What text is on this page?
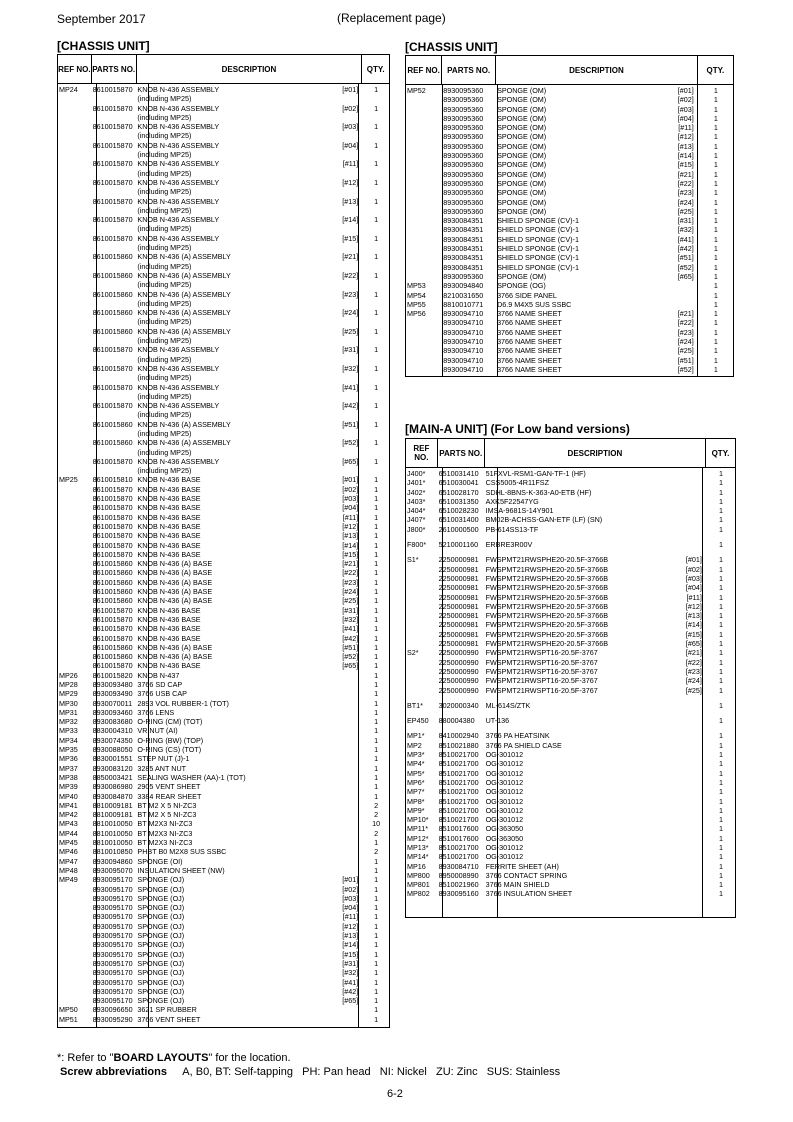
September 2017	(Replacement page)
[CHASSIS UNIT]	[CHASSIS UNIT]
[MAIN-A UNIT] (For Low band versions)
REF NO. PARTS NO.	DESCRIPTION	QTY.
MP24	8610015870 KNOB N-436 ASSEMBLY	[#01]	1
(including MP25)
8610015870 KNOB N-436 ASSEMBLY	[#02]	1
(including MP25)
8610015870 KNOB N-436 ASSEMBLY	[#03]	1
(including MP25)
8610015870 KNOB N-436 ASSEMBLY	[#04]	1
(including MP25)
8610015870 KNOB N-436 ASSEMBLY	[#11]	1
(including MP25)
8610015870 KNOB N-436 ASSEMBLY	[#12]	1
(including MP25)
8610015870 KNOB N-436 ASSEMBLY	[#13]	1
(including MP25)
8610015870 KNOB N-436 ASSEMBLY	[#14]	1
(including MP25)
8610015870 KNOB N-436 ASSEMBLY	[#15]	1
(including MP25)
8610015860 KNOB N-436 (A) ASSEMBLY	[#21]	1
(including MP25)
8610015860 KNOB N-436 (A) ASSEMBLY	[#22]	1
(including MP25)
8610015860 KNOB N-436 (A) ASSEMBLY	[#23]	1
(including MP25)
8610015860 KNOB N-436 (A) ASSEMBLY	[#24]	1
(including MP25)
8610015860 KNOB N-436 (A) ASSEMBLY	[#25]	1
(including MP25)
8610015870 KNOB N-436 ASSEMBLY	[#31]	1
(including MP25)
8610015870 KNOB N-436 ASSEMBLY	[#32]	1
(including MP25)
8610015870 KNOB N-436 ASSEMBLY	[#41]	1
(including MP25)
8610015870 KNOB N-436 ASSEMBLY	[#42]	1
(including MP25)
8610015860 KNOB N-436 (A) ASSEMBLY	[#51]	1
(including MP25)
8610015860 KNOB N-436 (A) ASSEMBLY	[#52]	1
(including MP25)
8610015870 KNOB N-436 ASSEMBLY	[#65]	1
(including MP25)
MP25	8610015810 KNOB N-436 BASE	[#01]	1
8610015870 KNOB N-436 BASE	[#02]	1
8610015870 KNOB N-436 BASE	[#03]	1
8610015870 KNOB N-436 BASE	[#04]	1
8610015870 KNOB N-436 BASE	[#11]	1
8610015870 KNOB N-436 BASE	[#12]	1
8610015870 KNOB N-436 BASE	[#13]	1
8610015870 KNOB N-436 BASE	[#14]	1
8610015870 KNOB N-436 BASE	[#15]	1
8610015860 KNOB N-436 (A) BASE	[#21]	1
8610015860 KNOB N-436 (A) BASE	[#22]	1
8610015860 KNOB N-436 (A) BASE	[#23]	1
8610015860 KNOB N-436 (A) BASE	[#24]	1
8610015860 KNOB N-436 (A) BASE	[#25]	1
8610015870 KNOB N-436 BASE	[#31]	1
8610015870 KNOB N-436 BASE	[#32]	1
8610015870 KNOB N-436 BASE	[#41]	1
8610015870 KNOB N-436 BASE	[#42]	1
8610015860 KNOB N-436 (A) BASE	[#51]	1
8610015860 KNOB N-436 (A) BASE	[#52]	1
8610015870 KNOB N-436 BASE	[#65]	1
MP26	8610015820 KNOB N-437	1
MP28	8930093480 3766 SD CAP	1
MP29	8930093490 3766 USB CAP	1
MP30	8930070011 2893 VOL RUBBER-1 (TOT)	1
MP31	8930093460 3766 LENS	1
MP32	8930083680 O-RING (CM) (TOT)	1
MP33	8830004310 VR NUT (AI)	1
MP34	8930074350 O-RING (BW) (TOP)	1
MP35	8930088050 O-RING (CS) (TOT)	1
MP36	8830001551 STEP NUT (J)-1	1
MP37	8930083120 3285 ANT NUT	1
MP38	8850003421 SEALING WASHER (AA)-1 (TOT)	1
MP39	8930086980 2905 VENT SHEET	1
MP40	8930084870 3384 REAR SHEET	1
MP41	8810009181 BT M2 X 5 NI-ZC3	2
MP42	8810009181 BT M2 X 5 NI-ZC3	2
MP43	8810010050 BT M2X3 NI-ZC3	10
MP44	8810010050 BT M2X3 NI-ZC3	2
MP45	8810010050 BT M2X3 NI-ZC3	1
MP46	8810010850 PHBT B0 M2X8 SUS SSBC	2
MP47	8930094860 SPONGE (OI)	1
MP48	8930095070 INSULATION SHEET (NW)	1
MP49	8930095170 SPONGE (OJ)	[#01]	1
8930095170 SPONGE (OJ)	[#02]	1
8930095170 SPONGE (OJ)	[#03]	1
8930095170 SPONGE (OJ)	[#04]	1
8930095170 SPONGE (OJ)	[#11]	1
8930095170 SPONGE (OJ)	[#12]	1
8930095170 SPONGE (OJ)	[#13]	1
8930095170 SPONGE (OJ)	[#14]	1
8930095170 SPONGE (OJ)	[#15]	1
8930095170 SPONGE (OJ)	[#31]	1
8930095170 SPONGE (OJ)	[#32]	1
8930095170 SPONGE (OJ)	[#41]	1
8930095170 SPONGE (OJ)	[#42]	1
8930095170 SPONGE (OJ)	[#65]	1
MP50	8930096650 3621 SP RUBBER	1
MP51	8930095290 3766 VENT SHEET	1
REF NO. PARTS NO.	DESCRIPTION	QTY.
MP52	8930095360	SPONGE (OM)	[#01]	1
8930095360	SPONGE (OM)	[#02]	1
8930095360	SPONGE (OM)	[#03]	1
8930095360	SPONGE (OM)	[#04]	1
8930095360	SPONGE (OM)	[#11]	1
8930095360	SPONGE (OM)	[#12]	1
8930095360	SPONGE (OM)	[#13]	1
8930095360	SPONGE (OM)	[#14]	1
8930095360	SPONGE (OM)	[#15]	1
8930095360	SPONGE (OM)	[#21]	1
8930095360	SPONGE (OM)	[#22]	1
8930095360	SPONGE (OM)	[#23]	1
8930095360	SPONGE (OM)	[#24]	1
8930095360	SPONGE (OM)	[#25]	1
8930084351	SHIELD SPONGE (CV)-1	[#31]	1
8930084351	SHIELD SPONGE (CV)-1	[#32]	1
8930084351	SHIELD SPONGE (CV)-1	[#41]	1
8930084351	SHIELD SPONGE (CV)-1	[#42]	1
8930084351	SHIELD SPONGE (CV)-1	[#51]	1
8930084351	SHIELD SPONGE (CV)-1	[#52]	1
8930095360	SPONGE (OM)	[#65]	1
MP53	8930094840	SPONGE (OG)	1
MP54	8210031650	3766 SIDE PANEL	1
MP55	8810010771	D6.9 M4X5 SUS SSBC	1
MP56	8930094710	3766 NAME SHEET	[#21]	1
8930094710	3766 NAME SHEET	[#22]	1
8930094710	3766 NAME SHEET	[#23]	1
8930094710	3766 NAME SHEET	[#24]	1
8930094710	3766 NAME SHEET	[#25]	1
8930094710	3766 NAME SHEET	[#51]	1
8930094710	3766 NAME SHEET	[#52]	1
REF NO.	PARTS NO.	DESCRIPTION	QTY.
J400*	6510031410 51FXVL-RSM1-GAN-TF-1 (HF)	1
J401*	6510030041 CSS5005-4R11FSZ	1
J402*	6510028170 SDHL-8BNS-K-363-A0-ETB (HF)	1
J403*	6510031350 AXK5F22547YG	1
J404*	6510028230 IMSA-9681S-14Y901	1
J407*	6510031400 BM02B-ACHSS-GAN-ETF (LF) (SN)	1
J800*	2610000500 PB-614SS13-TF	1
F800*	5210001160	ERBRE3R00V	1
S1*	2250000981 FWSPMT21RWSPHE20-20.5F-3766B	[#01]	1
2250000981 FWSPMT21RWSPHE20-20.5F-3766B	[#02]	1
2250000981 FWSPMT21RWSPHE20-20.5F-3766B	[#03]	1
2250000981 FWSPMT21RWSPHE20-20.5F-3766B	[#04]	1
2250000981 FWSPMT21RWSPHE20-20.5F-3766B	[#11]	1
2250000981 FWSPMT21RWSPHE20-20.5F-3766B	[#12]	1
2250000981 FWSPMT21RWSPHE20-20.5F-3766B	[#13]	1
2250000981 FWSPMT21RWSPHE20-20.5F-3766B	[#14]	1
2250000981 FWSPMT21RWSPHE20-20.5F-3766B	[#15]	1
2250000981 FWSPMT21RWSPHE20-20.5F-3766B	[#65]	1
S2*	2250000990 FWSPMT21RWSPT16-20.5F-3767	[#21]	1
2250000990 FWSPMT21RWSPT16-20.5F-3767	[#22]	1
2250000990 FWSPMT21RWSPT16-20.5F-3767	[#23]	1
2250000990 FWSPMT21RWSPT16-20.5F-3767	[#24]	1
2250000990 FWSPMT21RWSPT16-20.5F-3767	[#25]	1
BT1*	3020000340 ML-614S/ZTK	1
EP450	880004380	UT-136	1
MP1*	8410002940 3766 PA HEATSINK	1
MP2	8510021880 3766 PA SHIELD CASE	1
MP3*	8510021700 OG-301012	1
MP4*	8510021700 OG-301012	1
MP5*	8510021700 OG-301012	1
MP6*	8510021700 OG-301012	1
MP7*	8510021700 OG-301012	1
MP8*	8510021700 OG-301012	1
MP9*	8510021700 OG-301012	1
MP10*	8510021700 OG-301012	1
MP11*	8510017600 OG-363050	1
MP12*	8510017600 OG-363050	1
MP13*	8510021700 OG-301012	1
MP14*	8510021700 OG-301012	1
MP16	8930084710 FERRITE SHEET (AH)	1
MP800	8950008990 3766 CONTACT SPRING	1
MP801	8510021960 3766 MAIN SHIELD	1
MP802	8930095160 3766 INSULATION SHEET	1
*: Refer to "BOARD LAYOUTS" for the location.
Screw abbreviations A, B0, BT: Self-tapping   PH: Pan head   NI: Nickel   ZU: Zinc   SUS: Stainless
6-2
